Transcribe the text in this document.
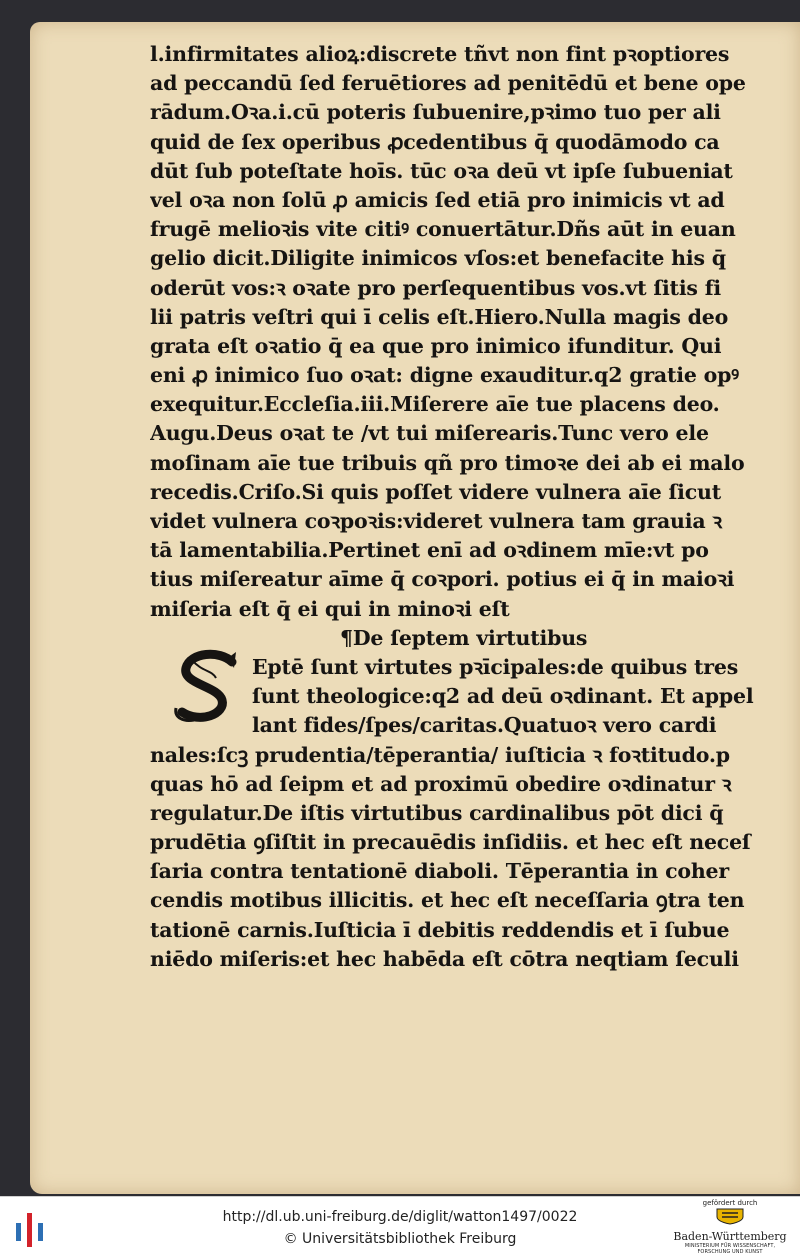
l.infirmitates alioꝝ:discrete tñvt non fint pꝛoptiores
ad peccandū ſed feruētiores ad penitēdū et bene ope
rādum.Oꝛa.i.cū poteris ſubuenire,pꝛimo tuo per ali
quid de ſex operibus ꝓcedentibus q̄ quodāmodo ca
dūt ſub poteſtate hoīs. tūc oꝛa deū vt ipſe ſubueniat
vel oꝛa non ſolū ꝓ amicis ſed etiā pro inimicis vt ad
frugē melioꝛis vite citiꝰ conuertātur.Dñs aūt in euan
gelio dicit.Diligite inimicos vſos:et benefacite his q̄
oderūt vos:ꝛ oꝛate pro perſequentibus vos.vt ſitis fi
lii patris veſtri qui ī celis eſt.Hiero.Nulla magis deo
grata eſt oꝛatio q̄ ea que pro inimico ifunditur. Qui
eni ꝓ inimico ſuo oꝛat: digne exauditur.q2 gratie opꝰ
exequitur.Eccleſia.iii.Miſerere aīe tue placens deo.
Augu.Deus oꝛat te /vt tui miſerearis.Tunc vero ele
moſinam aīe tue tribuis qñ pro timoꝛe dei ab ei malo
recedis.Criſo.Si quis poſſet videre vulnera aīe ſicut
videt vulnera coꝛpoꝛis:videret vulnera tam grauia ꝛ
tā lamentabilia.Pertinet enī ad oꝛdinem mīe:vt po
tius miſereatur aīme q̄ coꝛpori. potius ei q̄ in maioꝛi
miſeria eſt q̄ ei qui in minoꝛi eſt
¶De ſeptem virtutibus
Eptē ſunt virtutes pꝛīcipales:de quibus tres
ſunt theologice:q2 ad deū oꝛdinant. Et appel
lant fides/ſpes/caritas.Quatuoꝛ vero cardi
nales:ſcꝫ prudentia/tēperantia/ iuſticia ꝛ foꝛtitudo.p
quas hō ad ſeipm et ad proximū obedire oꝛdinatur ꝛ
regulatur.De iſtis virtutibus cardinalibus pōt dici q̄
prudētia ꝯſiſtit in precauēdis inſidiis. et hec eſt neceſ
ſaria contra tentationē diaboli. Tēperantia in coher
cendis motibus illicitis. et hec eſt neceſſaria ꝯtra ten
tationē carnis.Iuſticia ī debitis reddendis et ī ſubue
niēdo miſeris:et hec habēda eſt cōtra neqtiam ſeculi
http://dl.ub.uni-freiburg.de/diglit/watton1497/0022
© Universitätsbibliothek Freiburg
gefördert durch
Baden-Württemberg
MINISTERIUM FÜR WISSENSCHAFT, FORSCHUNG UND KUNST
